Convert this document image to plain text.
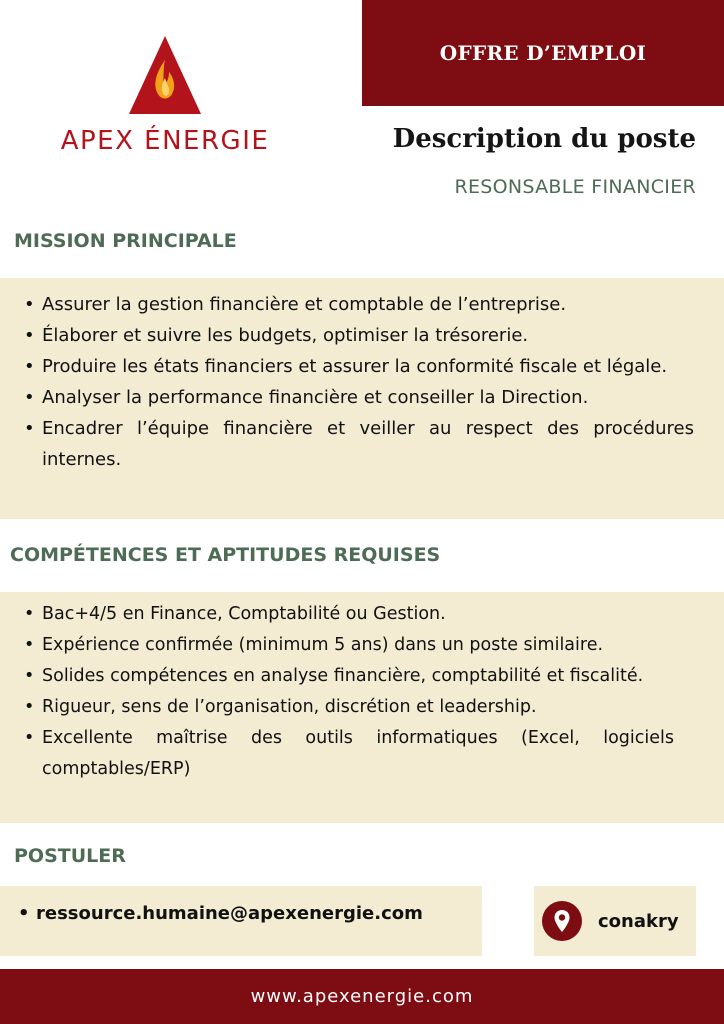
OFFRE D’EMPLOI
APEX ÉNERGIE	Description du poste
RESONSABLE FINANCIER
MISSION PRINCIPALE
• Assurer la gestion financière et comptable de l’entreprise.
• Élaborer et suivre les budgets, optimiser la trésorerie.
• Produire les états financiers et assurer la conformité fiscale et légale.
• Analyser la performance financière et conseiller la Direction.
• Encadrer l’équipe financière et veiller au respect des procédures internes.
COMPÉTENCES ET APTITUDES REQUISES
• Bac+4/5 en Finance, Comptabilité ou Gestion.
• Expérience confirmée (minimum 5 ans) dans un poste similaire.
• Solides compétences en analyse financière, comptabilité et fiscalité.
• Rigueur, sens de l’organisation, discrétion et leadership.
• Excellente maîtrise des outils informatiques (Excel, logiciels comptables/ERP)
POSTULER
• ressource.humaine@apexenergie.com	conakry
www.apexenergie.com
